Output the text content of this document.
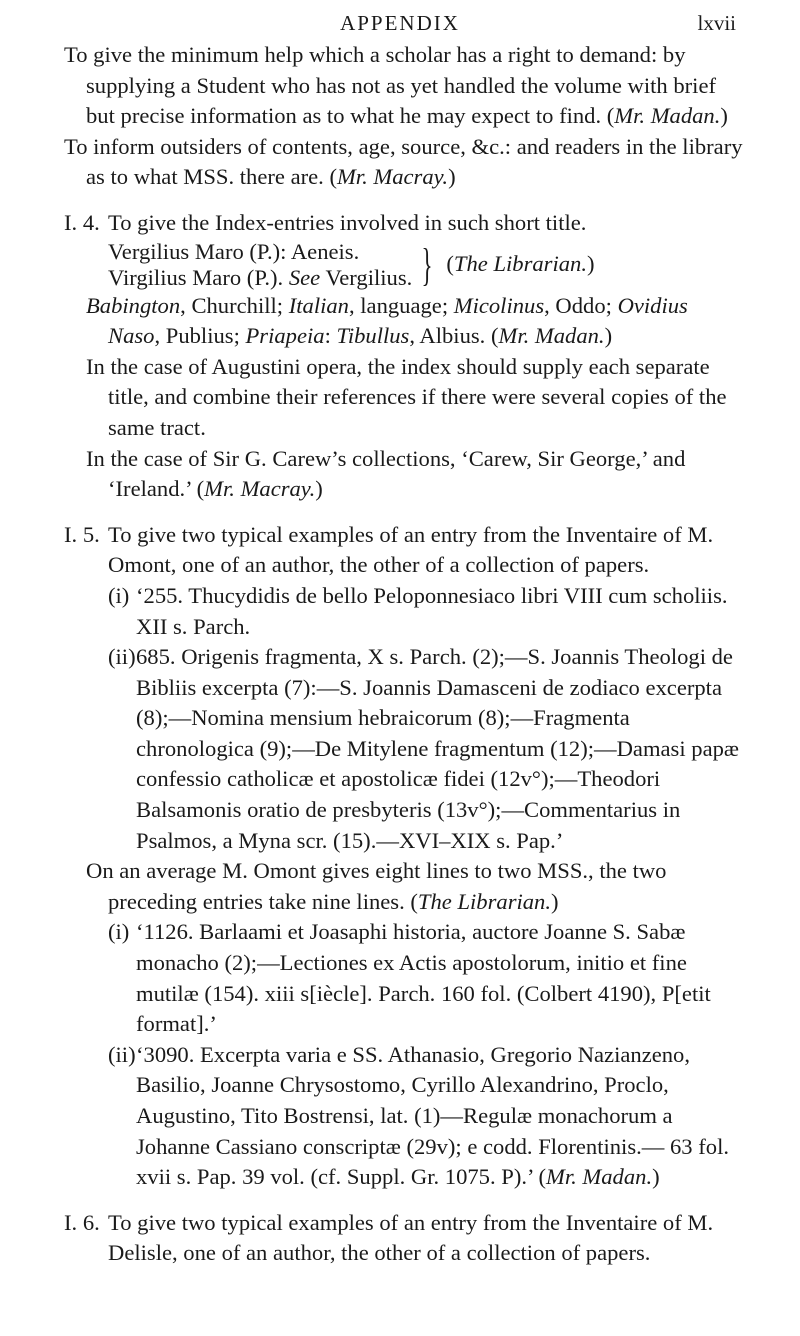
APPENDIX	lxvii

To give the minimum help which a scholar has a right to demand: by supplying a Student who has not as yet handled the volume with brief but precise information as to what he may expect to find. (Mr. Madan.)

To inform outsiders of contents, age, source, &c.: and readers in the library as to what MSS. there are. (Mr. Macray.)

I. 4. To give the Index-entries involved in such short title.

Vergilius Maro (P.): Aeneis.
Virgilius Maro (P.). See Vergilius. } (The Librarian.)

Babington, Churchill; Italian, language; Micolinus, Oddo; Ovidius Naso, Publius; Priapeia: Tibullus, Albius. (Mr. Madan.)

In the case of Augustini opera, the index should supply each separate title, and combine their references if there were several copies of the same tract.

In the case of Sir G. Carew’s collections, ‘Carew, Sir George,’ and ‘Ireland.’ (Mr. Macray.)

I. 5. To give two typical examples of an entry from the Inventaire of M. Omont, one of an author, the other of a collection of papers.

(i) ‘255. Thucydidis de bello Peloponnesiaco libri VIII cum scholiis. XII s. Parch.

(ii)685. Origenis fragmenta, X s. Parch. (2);—S. Joannis Theologi de Bibliis excerpta (7):—S. Joannis Damasceni de zodiaco excerpta (8);—Nomina mensium hebraicorum (8);—Fragmenta chronologica (9);—De Mitylene fragmentum (12);—Damasi papæ confessio catholicæ et apostolicæ fidei (12v°);—Theodori Balsamonis oratio de presbyteris (13v°);—Commentarius in Psalmos, a Myna scr. (15).—XVI–XIX s. Pap.’

On an average M. Omont gives eight lines to two MSS., the two preceding entries take nine lines. (The Librarian.)

(i) ‘1126. Barlaami et Joasaphi historia, auctore Joanne S. Sabæ monacho (2);—Lectiones ex Actis apostolorum, initio et fine mutilæ (154). xiii s[iècle]. Parch. 160 fol. (Colbert 4190), P[etit format].’

(ii)‘3090. Excerpta varia e SS. Athanasio, Gregorio Nazianzeno, Basilio, Joanne Chrysostomo, Cyrillo Alexandrino, Proclo, Augustino, Tito Bostrensi, lat. (1)—Regulæ monachorum a Johanne Cassiano conscriptæ (29v); e codd. Florentinis.— 63 fol. xvii s. Pap. 39 vol. (cf. Suppl. Gr. 1075. P).’ (Mr. Madan.)

I. 6. To give two typical examples of an entry from the Inventaire of M. Delisle, one of an author, the other of a collection of papers.
